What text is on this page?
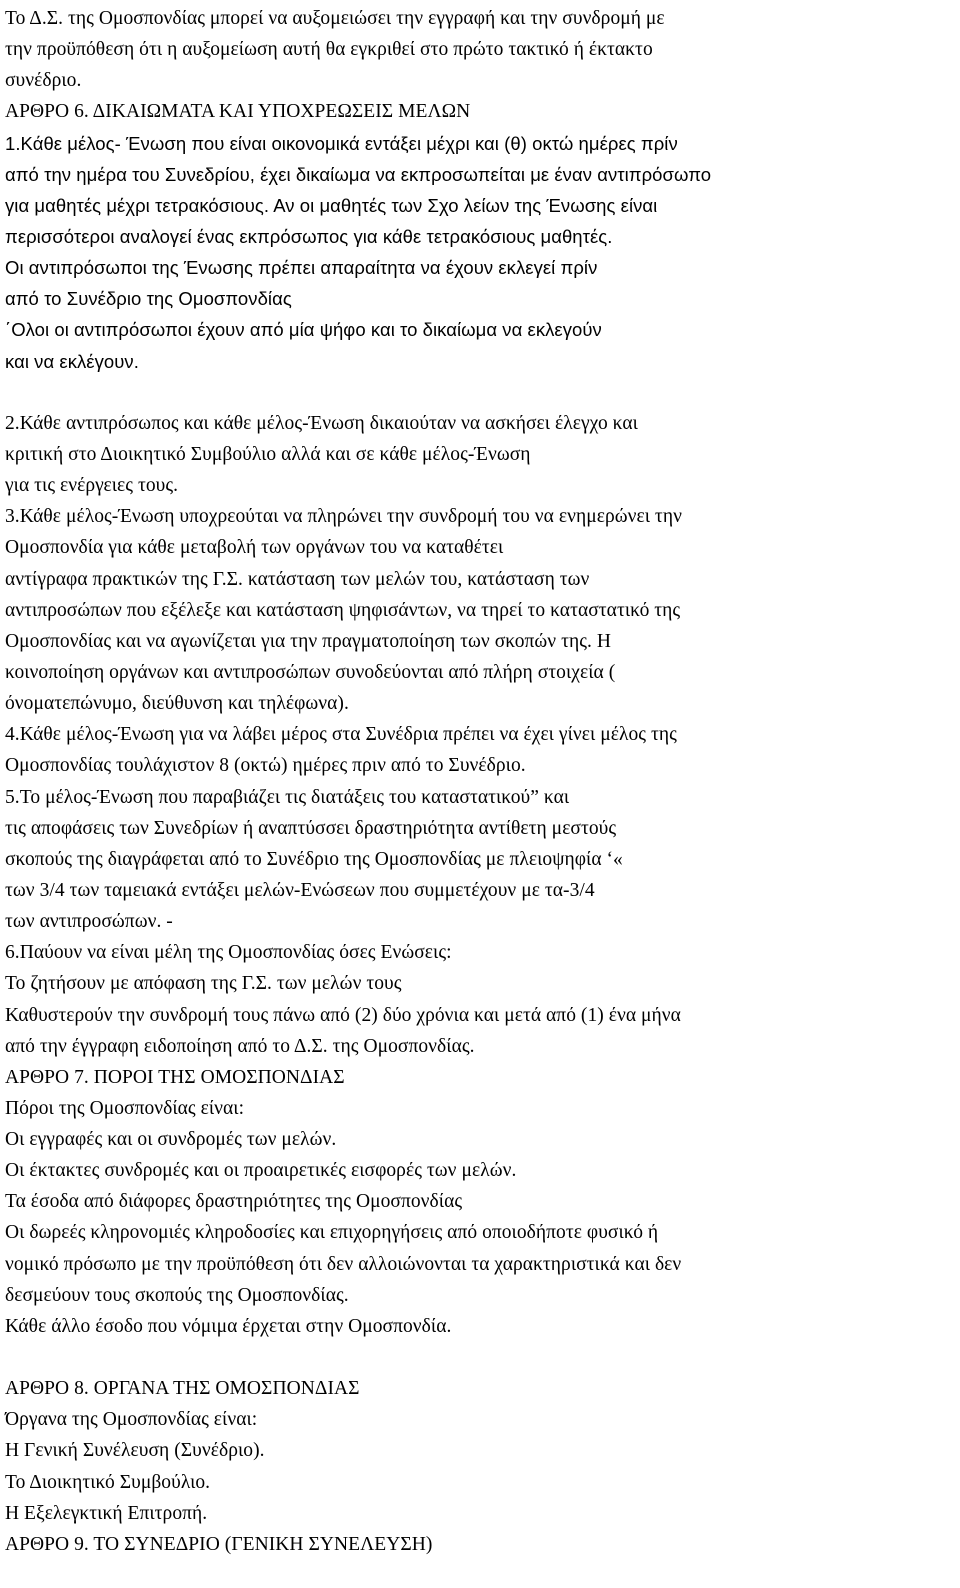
Το Δ.Σ. της Ομοσπονδίας μπορεί να αυξομειώσει την εγγραφή και την συνδρομή με
την προϋπόθεση ότι η αυξομείωση αυτή θα εγκριθεί στο πρώτο τακτικό ή έκτακτο
συνέδριο.
ΑΡΘΡΟ 6. ΔΙΚΑΙΩΜΑΤΑ ΚΑΙ ΥΠΟΧΡΕΩΣΕΙΣ ΜΕΛΩΝ
1.Κάθε μέλος- Ένωση που είναι οικονομικά εντάξει μέχρι και (θ) οκτώ ημέρες πρίν
από την ημέρα του Συνεδρίου, έχει δικαίωμα να εκπροσωπείται με έναν αντιπρόσωπο
για μαθητές μέχρι τετρακόσιους. Αν οι μαθητές των Σχο λείων της Ένωσης είναι
περισσότεροι αναλογεί ένας εκπρόσωπος για κάθε τετρακόσιους μαθητές.
Οι αντιπρόσωποι της Ένωσης πρέπει απαραίτητα να έχουν εκλεγεί πρίν
από το Συνέδριο της Ομοσπονδίας
΄Ολοι οι αντιπρόσωποι έχουν από μία ψήφο και το δικαίωμα να εκλεγούν
και να εκλέγουν.
2.Κάθε αντιπρόσωπος και κάθε μέλος-Ένωση δικαιούταν να ασκήσει έλεγχο και
κριτική στο Διοικητικό Συμβούλιο αλλά και σε κάθε μέλος-Ένωση
για τις ενέργειες τους.
3.Κάθε μέλος-Ένωση υποχρεούται να πληρώνει την συνδρομή του να ενημερώνει την
Ομοσπονδία για κάθε μεταβολή των οργάνων του να καταθέτει
αντίγραφα πρακτικών της Γ.Σ. κατάσταση των μελών του, κατάσταση των
αντιπροσώπων που εξέλεξε και κατάσταση ψηφισάντων, να τηρεί το καταστατικό της
Ομοσπονδίας και να αγωνίζεται για την πραγματοποίηση των σκοπών της. Η
κοινοποίηση οργάνων και αντιπροσώπων συνοδεύονται από πλήρη στοιχεία (
όνοματεπώνυμο, διεύθυνση και τηλέφωνα).
4.Κάθε μέλος-Ένωση για να λάβει μέρος στα Συνέδρια πρέπει να έχει γίνει μέλος της
Ομοσπονδίας τουλάχιστον 8 (οκτώ) ημέρες πριν από το Συνέδριο.
5.Το μέλος-Ένωση που παραβιάζει τις διατάξεις του καταστατικού” και
τις αποφάσεις των Συνεδρίων ή αναπτύσσει δραστηριότητα αντίθετη μεστούς
σκοπούς της διαγράφεται από το Συνέδριο της Ομοσπονδίας με πλειοψηφία ‘«
των 3/4 των ταμειακά εντάξει μελών-Ενώσεων που συμμετέχουν με τα-3/4
των αντιπροσώπων. -
6.Παύουν να είναι μέλη της Ομοσπονδίας όσες Ενώσεις:
Το ζητήσουν με απόφαση της Γ.Σ. των μελών τους
Καθυστερούν την συνδρομή τους πάνω από (2) δύο χρόνια και μετά από (1) ένα μήνα
από την έγγραφη ειδοποίηση από το Δ.Σ. της Ομοσπονδίας.
ΑΡΘΡΟ 7. ΠΟΡΟΙ ΤΗΣ ΟΜΟΣΠΟΝΔΙΑΣ
Πόροι της Ομοσπονδίας είναι:
Οι εγγραφές και οι συνδρομές των μελών.
Οι έκτακτες συνδρομές και οι προαιρετικές εισφορές των μελών.
Τα έσοδα από διάφορες δραστηριότητες της Ομοσπονδίας
Οι δωρεές κληρονομιές κληροδοσίες και επιχορηγήσεις από οποιοδήποτε φυσικό ή
νομικό πρόσωπο με την προϋπόθεση ότι δεν αλλοιώνονται τα χαρακτηριστικά και δεν
δεσμεύουν τους σκοπούς της Ομοσπονδίας.
Κάθε άλλο έσοδο που νόμιμα έρχεται στην Ομοσπονδία.
ΑΡΘΡΟ 8. ΟΡΓΑΝΑ ΤΗΣ ΟΜΟΣΠΟΝΔΙΑΣ
Όργανα της Ομοσπονδίας είναι:
Η Γενική Συνέλευση (Συνέδριο).
Το Διοικητικό Συμβούλιο.
Η Εξελεγκτική Επιτροπή.
ΑΡΘΡΟ 9. ΤΟ ΣΥΝΕΔΡΙΟ (ΓΕΝΙΚΗ ΣΥΝΕΛΕΥΣΗ)
